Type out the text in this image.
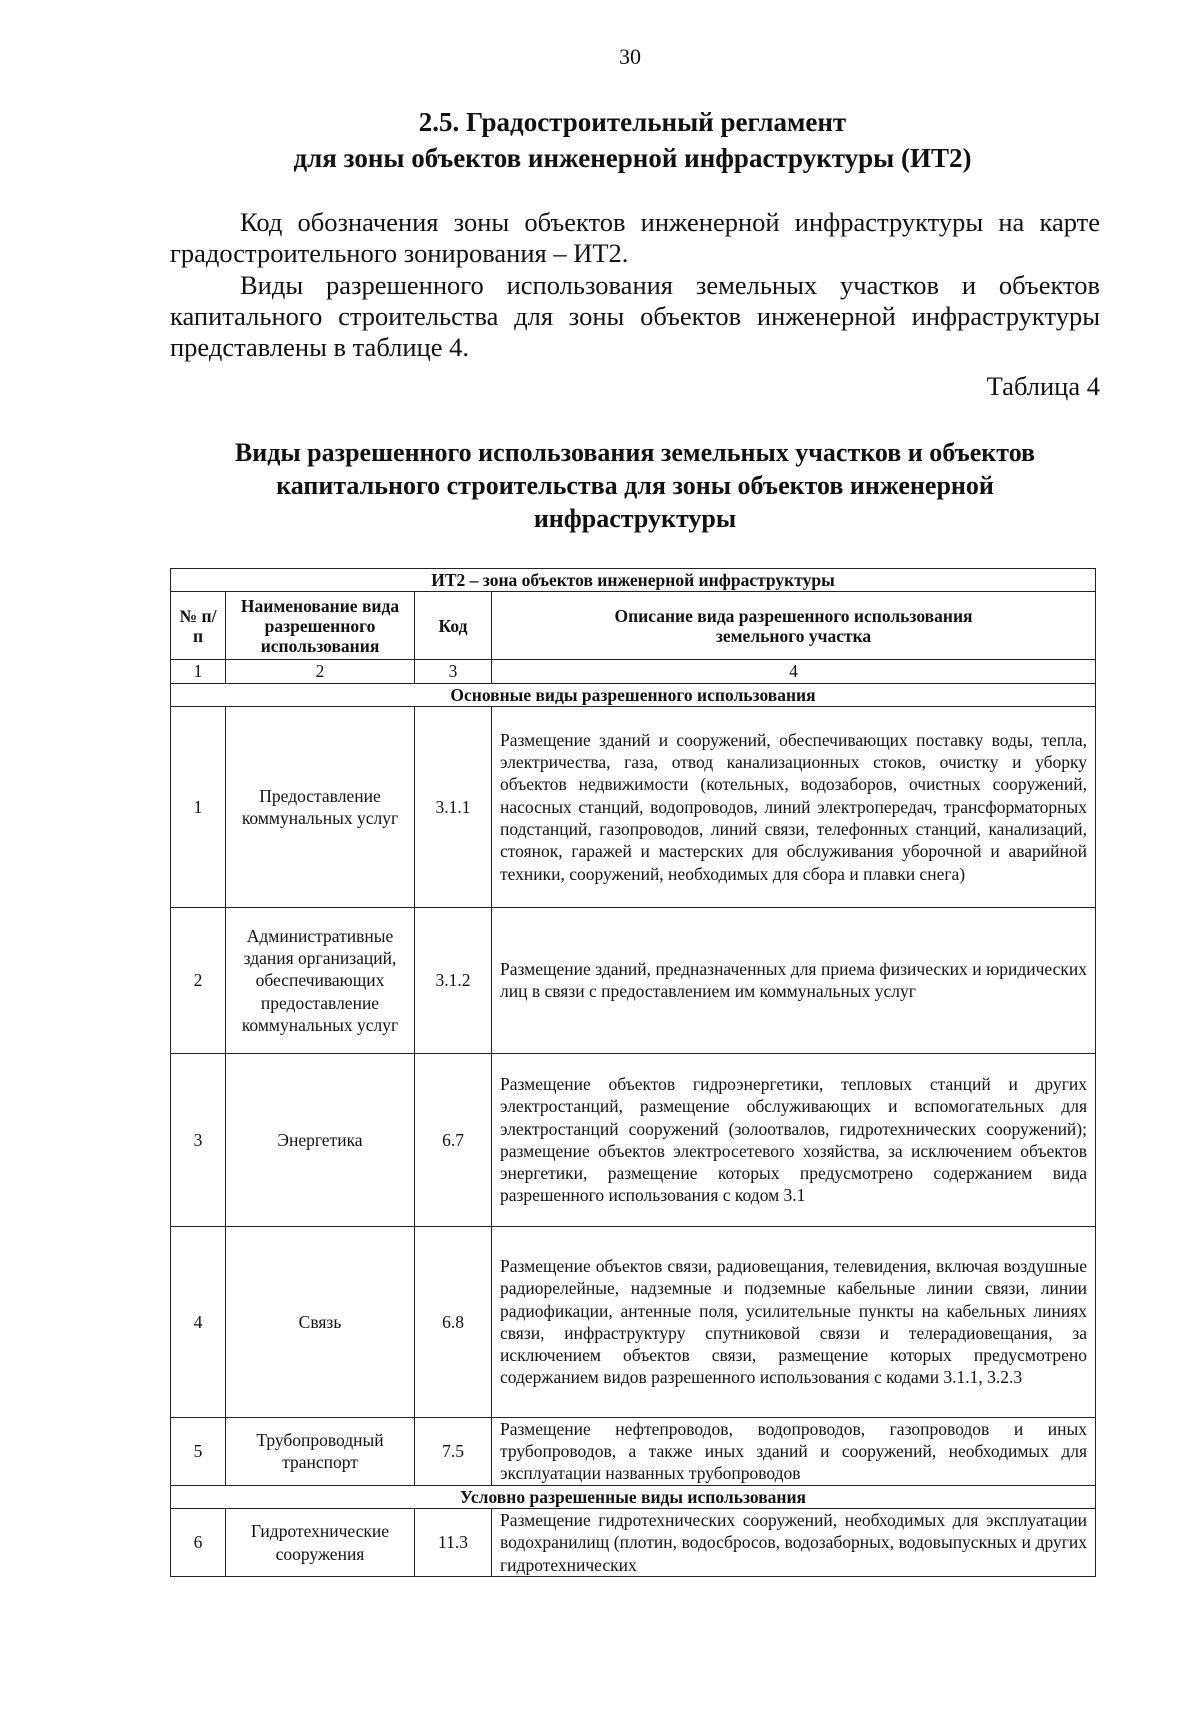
30
2.5. Градостроительный регламент
для зоны объектов инженерной инфраструктуры (ИТ2)
Код обозначения зоны объектов инженерной инфраструктуры на карте градостроительного зонирования – ИТ2.
Виды разрешенного использования земельных участков и объектов капитального строительства для зоны объектов инженерной инфраструктуры представлены в таблице 4.
Таблица 4
Виды разрешенного использования земельных участков и объектов
капитального строительства для зоны объектов инженерной
инфраструктуры
ИТ2 – зона объектов инженерной инфраструктуры			
№ п/п	Наименование вида разрешенного использования	Код	Описание вида разрешенного использования земельного участка
1	2	3	4
Основные виды разрешенного использования			
1	Предоставление коммунальных услуг	3.1.1	Размещение зданий и сооружений, обеспечивающих поставку воды, тепла, электричества, газа, отвод канализационных стоков, очистку и уборку объектов недвижимости (котельных, водозаборов, очистных сооружений, насосных станций, водопроводов, линий электропередач, трансформаторных подстанций, газопроводов, линий связи, телефонных станций, канализаций, стоянок, гаражей и мастерских для обслуживания уборочной и аварийной техники, сооружений, необходимых для сбора и плавки снега)
2	Административные здания организаций, обеспечивающих предоставление коммунальных услуг	3.1.2	Размещение зданий, предназначенных для приема физических и юридических лиц в связи с предоставлением им коммунальных услуг
3	Энергетика	6.7	Размещение объектов гидроэнергетики, тепловых станций и других электростанций, размещение обслуживающих и вспомогательных для электростанций сооружений (золоотвалов, гидротехнических сооружений); размещение объектов электросетевого хозяйства, за исключением объектов энергетики, размещение которых предусмотрено содержанием вида разрешенного использования с кодом 3.1
4	Связь	6.8	Размещение объектов связи, радиовещания, телевидения, включая воздушные радиорелейные, надземные и подземные кабельные линии связи, линии радиофикации, антенные поля, усилительные пункты на кабельных линиях связи, инфраструктуру спутниковой связи и телерадиовещания, за исключением объектов связи, размещение которых предусмотрено содержанием видов разрешенного использования с кодами 3.1.1, 3.2.3
5	Трубопроводный транспорт	7.5	Размещение нефтепроводов, водопроводов, газопроводов и иных трубопроводов, а также иных зданий и сооружений, необходимых для эксплуатации названных трубопроводов
Условно разрешенные виды использования			
6	Гидротехнические сооружения	11.3	Размещение гидротехнических сооружений, необходимых для эксплуатации водохранилищ (плотин, водосбросов, водозаборных, водовыпускных и других гидротехнических
